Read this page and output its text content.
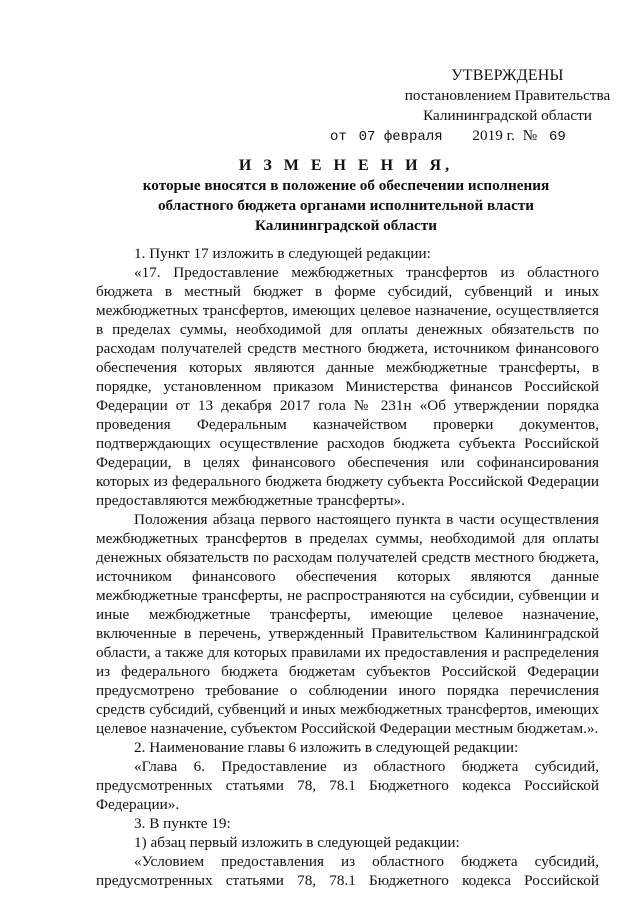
УТВЕРЖДЕНЫ
постановлением Правительства
Калининградской области
от 07 февраля 2019 г. № 69
И З М Е Н Е Н И Я,
которые вносятся в положение об обеспечении исполнения
областного бюджета органами исполнительной власти
Калининградской области

1. Пункт 17 изложить в следующей редакции:

«17. Предоставление межбюджетных трансфертов из областного бюджета в местный бюджет в форме субсидий, субвенций и иных межбюджетных трансфертов, имеющих целевое назначение, осуществляется в пределах суммы, необходимой для оплаты денежных обязательств по расходам получателей средств местного бюджета, источником финансового обеспечения которых являются данные межбюджетные трансферты, в порядке, установленном приказом Министерства финансов Российской Федерации от 13 декабря 2017 гола № 231н «Об утверждении порядка проведения Федеральным казначейством проверки документов, подтверждающих осуществление расходов бюджета субъекта Российской Федерации, в целях финансового обеспечения или софинансирования которых из федерального бюджета бюджету субъекта Российской Федерации предоставляются межбюджетные трансферты».

Положения абзаца первого настоящего пункта в части осуществления межбюджетных трансфертов в пределах суммы, необходимой для оплаты денежных обязательств по расходам получателей средств местного бюджета, источником финансового обеспечения которых являются данные межбюджетные трансферты, не распространяются на субсидии, субвенции и иные межбюджетные трансферты, имеющие целевое назначение, включенные в перечень, утвержденный Правительством Калининградской области, а также для которых правилами их предоставления и распределения из федерального бюджета бюджетам субъектов Российской Федерации предусмотрено требование о соблюдении иного порядка перечисления средств субсидий, субвенций и иных межбюджетных трансфертов, имеющих целевое назначение, субъектом Российской Федерации местным бюджетам.».

2. Наименование главы 6 изложить в следующей редакции:

«Глава 6. Предоставление из областного бюджета субсидий, предусмотренных статьями 78, 78.1 Бюджетного кодекса Российской Федерации».

3. В пункте 19:

1) абзац первый изложить в следующей редакции:

«Условием предоставления из областного бюджета субсидий, предусмотренных статьями 78, 78.1 Бюджетного кодекса Российской
